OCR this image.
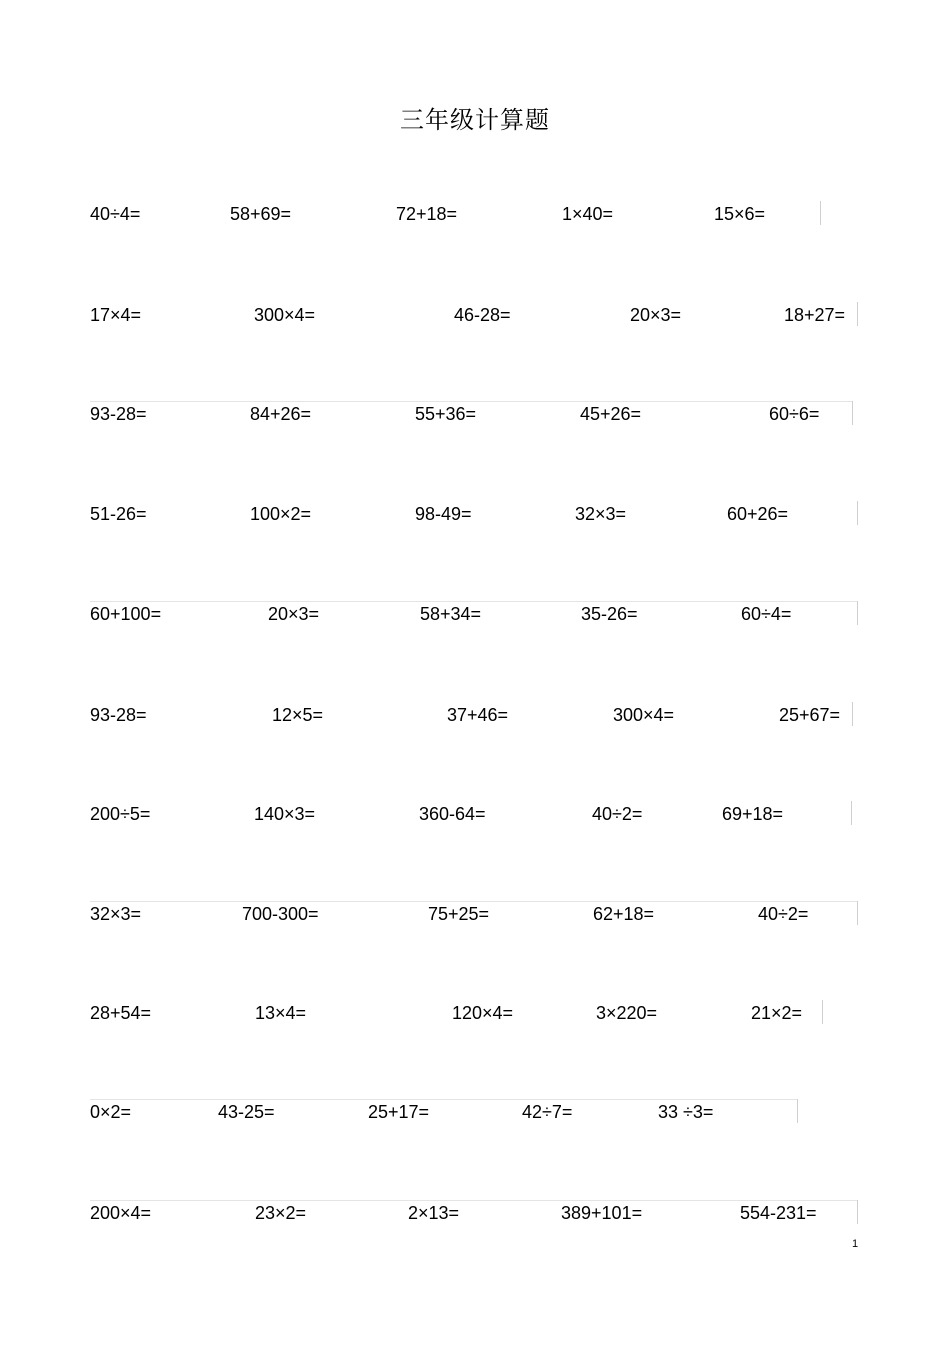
三年级计算题
40÷4=	58+69=	72+18=	1×40=	15×6=
17×4=	300×4=	46-28=	20×3=	18+27=
93-28=	84+26=	55+36=	45+26=	60÷6=
51-26=	100×2=	98-49=	32×3=	60+26=
60+100=	20×3=	58+34=	35-26=	60÷4=
93-28=	12×5=	37+46=	300×4=	25+67=
200÷5=	140×3=	360-64=	40÷2=	69+18=
32×3=	700-300=	75+25=	62+18=	40÷2=
28+54=	13×4=	120×4=	3×220=	21×2=
0×2=	43-25=	25+17=	42÷7=	33 ÷3=
200×4=	23×2=	2×13=	389+101=	554-231=
1
